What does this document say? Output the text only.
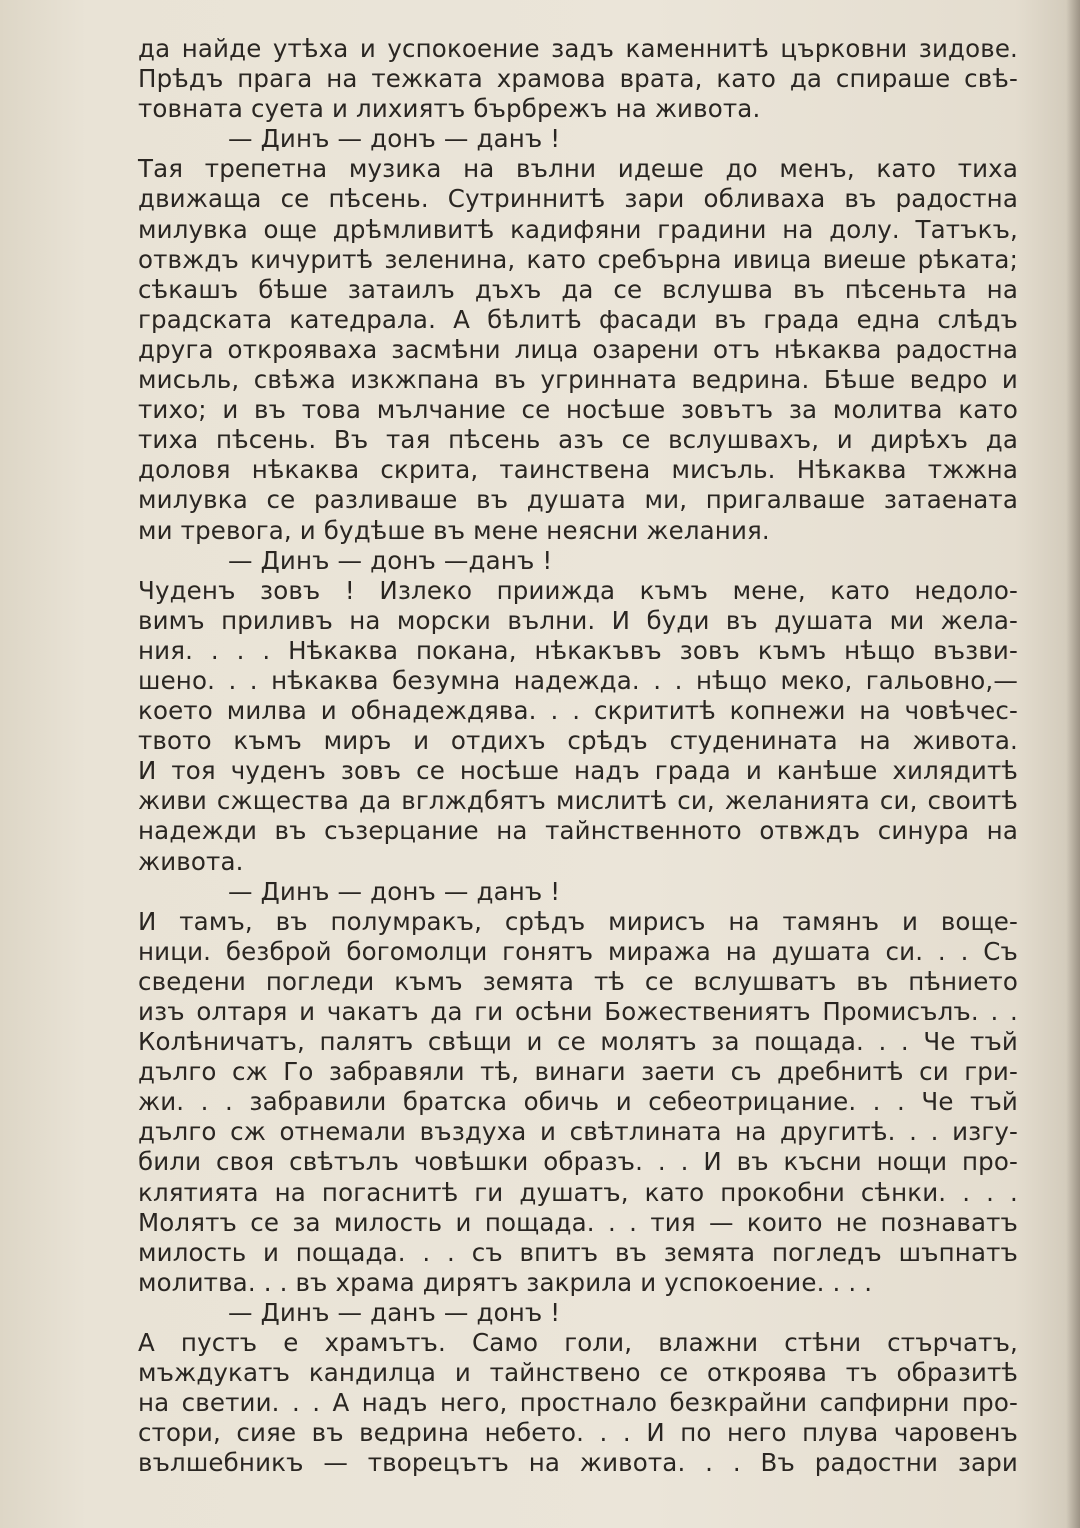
да найде утѣха и успокоение задъ каменнитѣ църковни зидове.
Прѣдъ прага на тежката храмова врата, като да спираше свѣ-
товната суета и лихиятъ бърбрежъ на живота.
— Динъ — донъ — данъ !
Тая трепетна музика на вълни идеше до менъ, като тиха
движаща се пѣсень. Сутриннитѣ зари обливаха въ радостна
милувка още дрѣмливитѣ кадифяни градини на долу. Татъкъ,
отвждъ кичуритѣ зеленина, като сребърна ивица виеше рѣката;
сѣкашъ бѣше затаилъ дъхъ да се вслушва въ пѣсеньта на
градската катедрала. А бѣлитѣ фасади въ града една слѣдъ
друга открояваха засмѣни лица озарени отъ нѣкаква радостна
мисьль, свѣжа изкжпана въ угринната ведрина. Бѣше ведро и
тихо; и въ това мълчание се носѣше зовътъ за молитва като
тиха пѣсень. Въ тая пѣсень азъ се вслушвахъ, и дирѣхъ да
доловя нѣкаква скрита, таинствена мисъль. Нѣкаква тжжна
милувка се разливаше въ душата ми, пригалваше затаената
ми тревога, и будѣше въ мене неясни желания.
— Динъ — донъ —данъ !
Чуденъ зовъ ! Излеко приижда къмъ мене, като недоло-
вимъ приливъ на морски вълни. И буди въ душата ми жела-
ния. . . . Нѣкаква покана, нѣкакъвъ зовъ къмъ нѣщо възви-
шено. . . нѣкаква безумна надежда. . . нѣщо меко, гальовно,—
което милва и обнадеждява. . . скрититѣ копнежи на човѣчес-
твото къмъ миръ и отдихъ срѣдъ студенината на живота.
И тоя чуденъ зовъ се носѣше надъ града и канѣше хилядитѣ
живи сжщества да вглждбятъ мислитѣ си, желанията си, своитѣ
надежди въ съзерцание на тайнственното отвждъ синура на
живота.
— Динъ — донъ — данъ !
И тамъ, въ полумракъ, срѣдъ мирисъ на тамянъ и воще-
ници. безброй богомолци гонятъ миража на душата си. . . Съ
сведени погледи къмъ земята тѣ се вслушватъ въ пѣнието
изъ олтаря и чакатъ да ги осѣни Божествениятъ Промисълъ. . .
Колѣничатъ, палятъ свѣщи и се молятъ за пощада. . . Че тъй
дълго сж Го забравяли тѣ, винаги заети съ дребнитѣ си гри-
жи. . . забравили братска обичь и себеотрицание. . . Че тъй
дълго сж отнемали въздуха и свѣтлината на другитѣ. . . изгу-
били своя свѣтълъ човѣшки образъ. . . И въ късни нощи про-
клятията на погаснитѣ ги душатъ, като прокобни сѣнки. . . .
Молятъ се за милость и пощада. . . тия — които не познаватъ
милость и пощада. . . съ впитъ въ земята погледъ шъпнатъ
молитва. . . въ храма дирятъ закрила и успокоение. . . .
— Динъ — данъ — донъ !
А пустъ е храмътъ. Само голи, влажни стѣни стърчатъ,
мъждукатъ кандилца и тайнствено се откроява тъ образитѣ
на светии. . . А надъ него, простнало безкрайни сапфирни про-
стори, сияе въ ведрина небето. . . И по него плува чаровенъ
вълшебникъ — творецътъ на живота. . . Въ радостни зари
